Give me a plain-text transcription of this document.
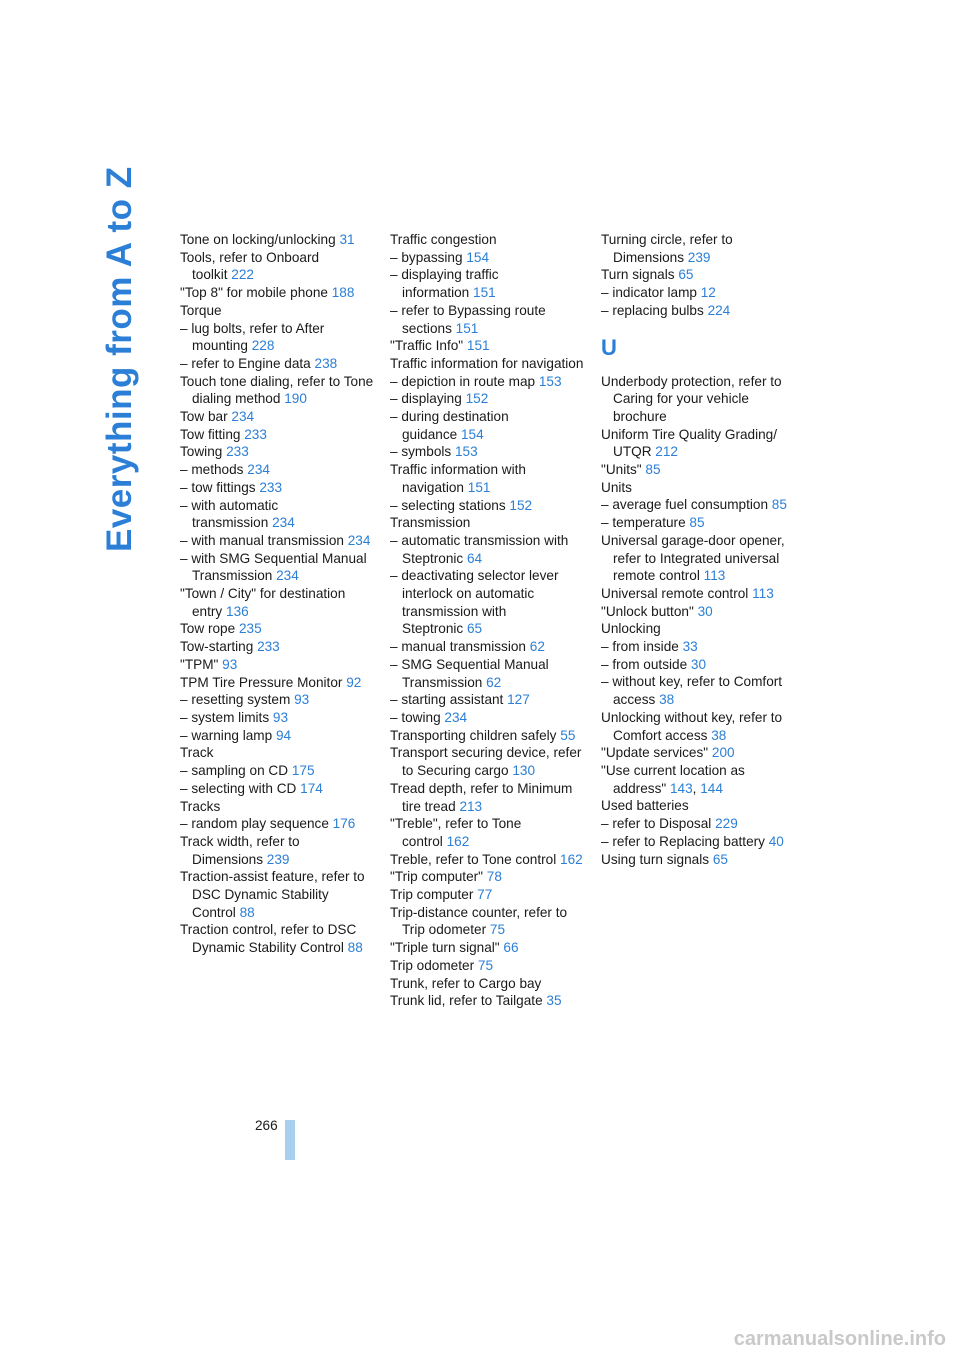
Everything from A to Z	Tone on locking/unlocking 31
Tools, refer to Onboard toolkit 222
"Top 8" for mobile phone 188
Torque
– lug bolts, refer to After mounting 228
– refer to Engine data 238
Touch tone dialing, refer to Tone dialing method 190
Tow bar 234
Tow fitting 233
Towing 233
– methods 234
– tow fittings 233
– with automatic transmission 234
– with manual transmission 234
– with SMG Sequential Manual Transmission 234
"Town / City" for destination entry 136
Tow rope 235
Tow-starting 233
"TPM" 93
TPM Tire Pressure Monitor 92
– resetting system 93
– system limits 93
– warning lamp 94
Track
– sampling on CD 175
– selecting with CD 174
Tracks
– random play sequence 176
Track width, refer to Dimensions 239
Traction-assist feature, refer to DSC Dynamic Stability Control 88
Traction control, refer to DSC Dynamic Stability Control 88
Traffic congestion
– bypassing 154
– displaying traffic information 151
– refer to Bypassing route sections 151
"Traffic Info" 151
Traffic information for navigation
– depiction in route map 153
– displaying 152
– during destination guidance 154
– symbols 153
Traffic information with navigation 151
– selecting stations 152
Transmission
– automatic transmission with Steptronic 64
– deactivating selector lever interlock on automatic transmission with Steptronic 65
– manual transmission 62
– SMG Sequential Manual Transmission 62
– starting assistant 127
– towing 234
Transporting children safely 55
Transport securing device, refer to Securing cargo 130
Tread depth, refer to Minimum tire tread 213
"Treble", refer to Tone control 162
Treble, refer to Tone control 162
"Trip computer" 78
Trip computer 77
Trip-distance counter, refer to Trip odometer 75
"Triple turn signal" 66
Trip odometer 75
Trunk, refer to Cargo bay
Trunk lid, refer to Tailgate 35
Turning circle, refer to Dimensions 239
Turn signals 65
– indicator lamp 12
– replacing bulbs 224
U
Underbody protection, refer to Caring for your vehicle brochure
Uniform Tire Quality Grading/ UTQR 212
"Units" 85
Units
– average fuel consumption 85
– temperature 85
Universal garage-door opener, refer to Integrated universal remote control 113
Universal remote control 113
"Unlock button" 30
Unlocking
– from inside 33
– from outside 30
– without key, refer to Comfort access 38
Unlocking without key, refer to Comfort access 38
"Update services" 200
"Use current location as address" 143, 144
Used batteries
– refer to Disposal 229
– refer to Replacing battery 40
Using turn signals 65
266
carmanualsonline.info
